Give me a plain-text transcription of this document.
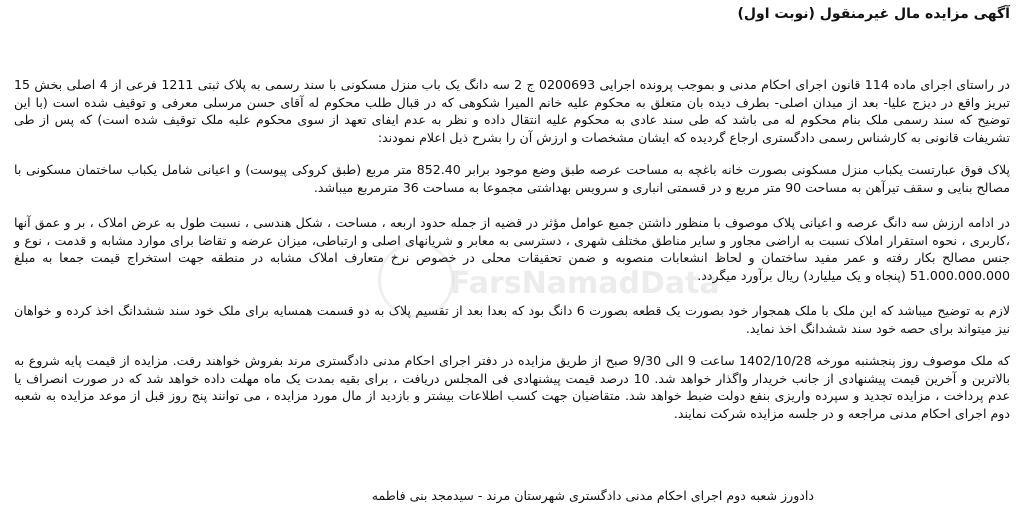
آگهی مزایده مال غیرمنقول (نوبت اول)
در راستای اجرای ماده 114 قانون اجرای احکام مدنی و بموجب پرونده اجرایی 0200693 ج 2 سه دانگ یک باب منزل مسکونی با سند رسمی به پلاک ثبتی 1211 فرعی از 4 اصلی بخش 15 تبریز واقع در دیزج علیا- بعد از میدان اصلی- بطرف دیده بان متعلق به محکوم علیه خانم المیرا شکوهی که در قبال طلب محکوم له آقای حسن مرسلی معرفی و توقیف شده است (با این توضیح که سند رسمی ملک بنام محکوم له می باشد که طی سند عادی به محکوم علیه انتقال داده و نظر به عدم ایفای تعهد از سوی محکوم علیه ملک توقیف شده است) که پس از طی تشریفات قانونی به کارشناس رسمی دادگستری ارجاع گردیده که ایشان مشخصات و ارزش آن را بشرح ذیل اعلام نمودند:
پلاک فوق عبارتست یکباب منزل مسکونی بصورت خانه باغچه به مساحت عرصه طبق وضع موجود برابر 852.40 متر مربع (طبق کروکی پیوست) و اعیانی شامل یکباب ساختمان مسکونی با مصالح بنایی و سقف تیرآهن به مساحت 90 متر مربع و در قسمتی انباری و سرویس بهداشتی مجموعا به مساحت 36 مترمربع میباشد.
در ادامه ارزش سه دانگ عرصه و اعیانی پلاک موصوف با منظور داشتن جمیع عوامل مؤثر در قضیه از جمله حدود اربعه ، مساحت ، شکل هندسی ، نسبت طول به عرض املاک ، بر و عمق آنها ،کاربری ، نحوه استقرار املاک نسبت به اراضی مجاور و سایر مناطق مختلف شهری ، دسترسی به معابر و شریانهای اصلی و ارتباطی، میزان عرضه و تقاضا برای موارد مشابه و قدمت ، نوع و جنس مصالح بکار رفته و عمر مفید ساختمان و لحاظ انشعابات منصوبه و ضمن تحقیقات محلی در خصوص نرخ متعارف املاک مشابه در منطقه جهت استخراج قیمت جمعا به مبلغ 51.000.000.000 (پنجاه و یک میلیارد) ریال برآورد میگردد.
لازم به توضیح میباشد که این ملک با ملک همجوار خود بصورت یک قطعه بصورت 6 دانگ بود که بعدا بعد از تقسیم پلاک به دو قسمت همسایه برای ملک خود سند ششدانگ اخذ کرده و خواهان نیز میتواند برای حصه خود سند ششدانگ اخذ نماید.
که ملک موصوف روز پنجشنبه مورخه 1402/10/28 ساعت 9 الی 9/30 صبح از طریق مزایده در دفتر اجرای احکام مدنی دادگستری مرند بفروش خواهند رفت. مزایده از قیمت پایه شروع به بالاترین و آخرین قیمت پیشنهادی از جانب خریدار واگذار خواهد شد. 10 درصد قیمت پیشنهادی فی المجلس دریافت ، برای بقیه بمدت یک ماه مهلت داده خواهد شد که در صورت انصراف یا عدم پرداخت ، مزایده تجدید و سپرده واریزی بنفع دولت ضبط خواهد شد. متقاضیان جهت کسب اطلاعات بیشتر و بازدید از مال مورد مزایده ، می توانند پنج روز قبل از موعد مزایده به شعبه دوم اجرای احکام مدنی مراجعه و در جلسه مزایده شرکت نمایند.
دادورز شعبه دوم اجرای احکام مدنی دادگستری شهرستان مرند - سیدمجد بنی فاطمه
FarsNamadData
